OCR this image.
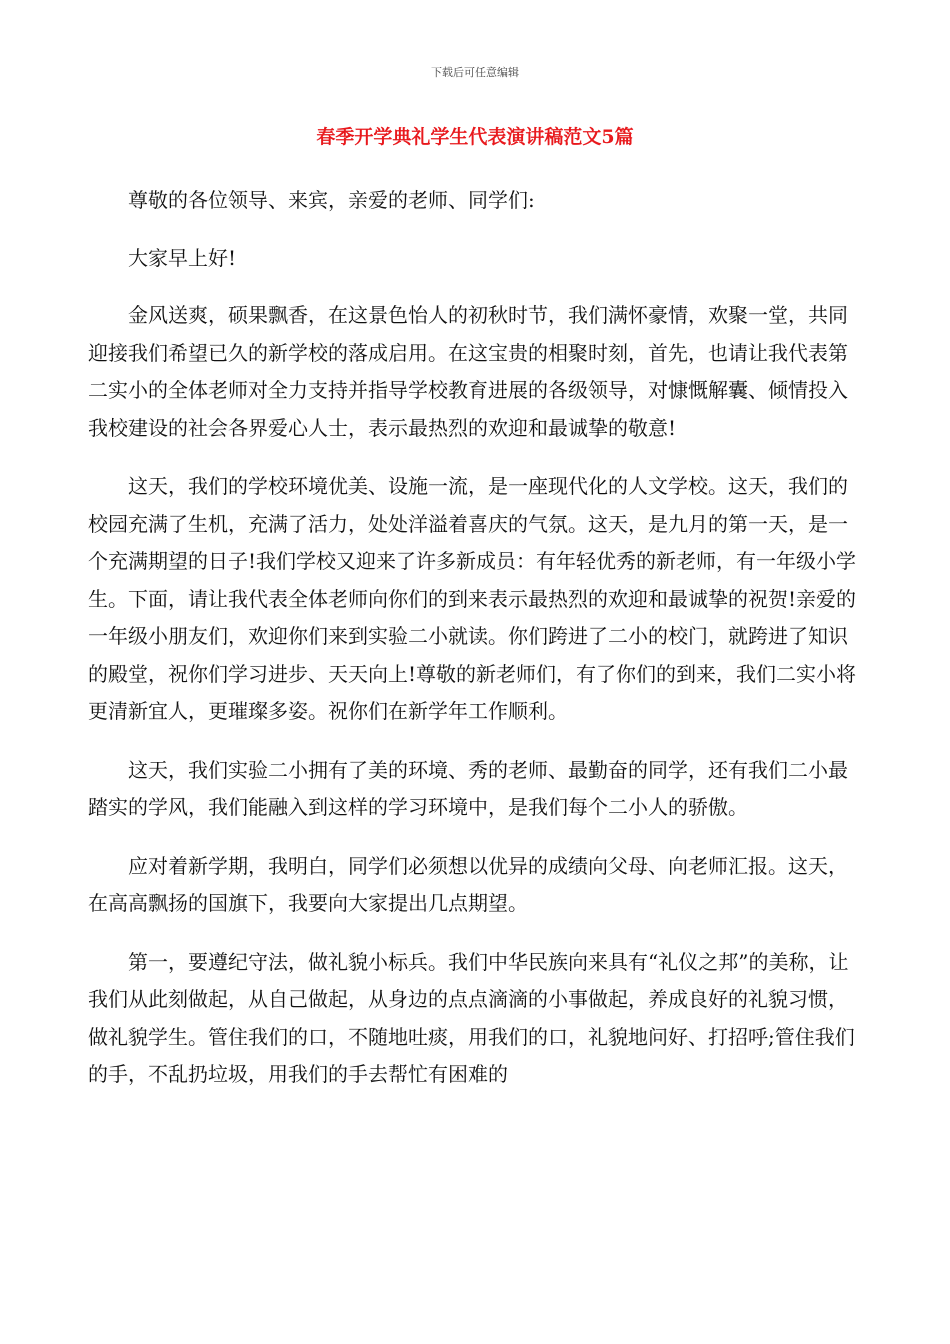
下载后可任意编辑
春季开学典礼学生代表演讲稿范文5篇

尊敬的各位领导、来宾，亲爱的老师、同学们:

大家早上好!

金风送爽，硕果飘香，在这景色怡人的初秋时节，我们满怀豪情，欢聚一堂，共同迎接我们希望已久的新学校的落成启用。在这宝贵的相聚时刻，首先，也请让我代表第二实小的全体老师对全力支持并指导学校教育进展的各级领导，对慷慨解囊、倾情投入我校建设的社会各界爱心人士，表示最热烈的欢迎和最诚挚的敬意!

这天，我们的学校环境优美、设施一流，是一座现代化的人文学校。这天，我们的校园充满了生机，充满了活力，处处洋溢着喜庆的气氛。这天，是九月的第一天，是一个充满期望的日子!我们学校又迎来了许多新成员：有年轻优秀的新老师，有一年级小学生。下面，请让我代表全体老师向你们的到来表示最热烈的欢迎和最诚挚的祝贺!亲爱的一年级小朋友们，欢迎你们来到实验二小就读。你们跨进了二小的校门，就跨进了知识的殿堂，祝你们学习进步、天天向上!尊敬的新老师们，有了你们的到来，我们二实小将更清新宜人，更璀璨多姿。祝你们在新学年工作顺利。

这天，我们实验二小拥有了美的环境、秀的老师、最勤奋的同学，还有我们二小最踏实的学风，我们能融入到这样的学习环境中，是我们每个二小人的骄傲。

应对着新学期，我明白，同学们必须想以优异的成绩向父母、向老师汇报。这天，在高高飘扬的国旗下，我要向大家提出几点期望。

第一，要遵纪守法，做礼貌小标兵。我们中华民族向来具有“礼仪之邦”的美称，让我们从此刻做起，从自己做起，从身边的点点滴滴的小事做起，养成良好的礼貌习惯，做礼貌学生。管住我们的口，不随地吐痰，用我们的口，礼貌地问好、打招呼;管住我们的手，不乱扔垃圾，用我们的手去帮忙有困难的
